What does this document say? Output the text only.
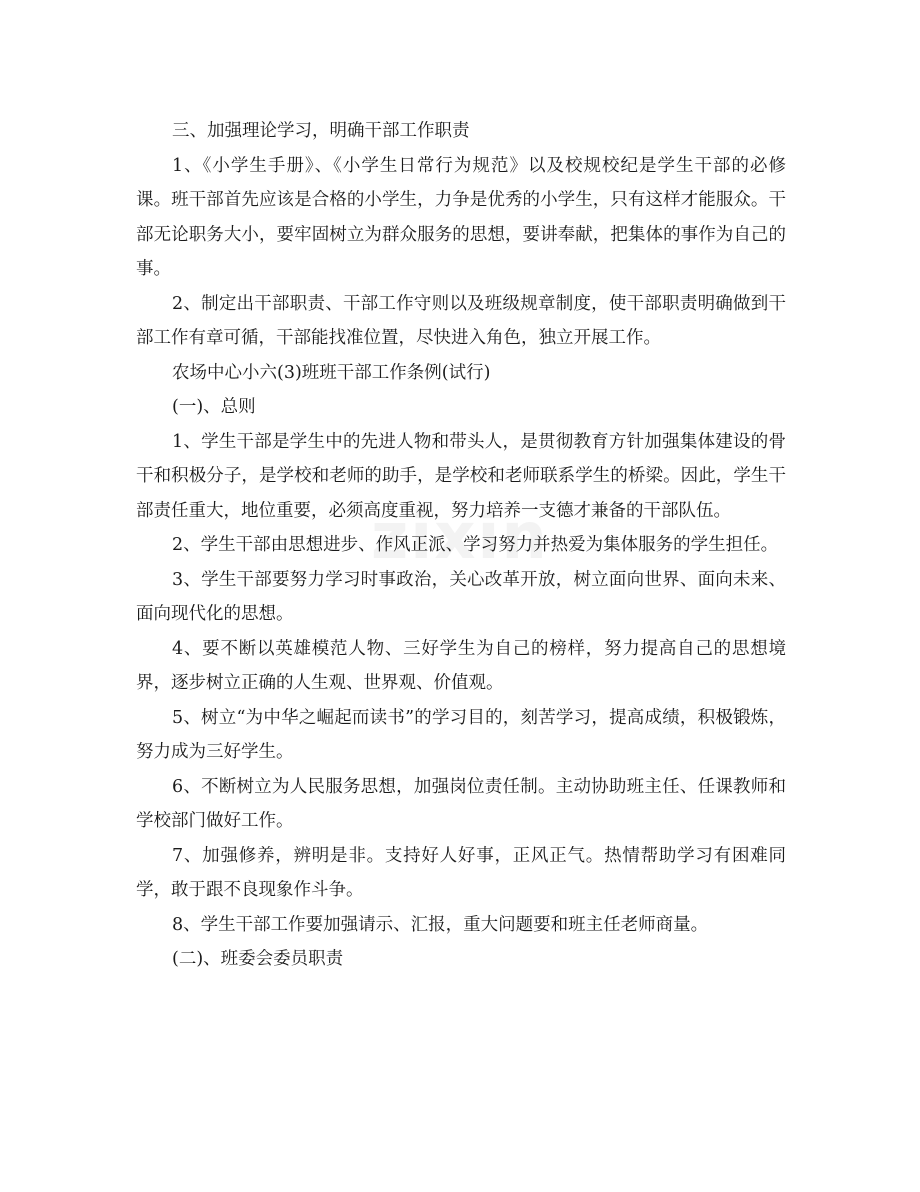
zixin

三、加强理论学习，明确干部工作职责

1、《小学生手册》、《小学生日常行为规范》以及校规校纪是学生干部的必修课。班干部首先应该是合格的小学生，力争是优秀的小学生，只有这样才能服众。干部无论职务大小，要牢固树立为群众服务的思想，要讲奉献，把集体的事作为自己的事。

2、制定出干部职责、干部工作守则以及班级规章制度，使干部职责明确做到干部工作有章可循，干部能找准位置，尽快进入角色，独立开展工作。

农场中心小六(3)班班干部工作条例(试行)

(一)、总则

1、学生干部是学生中的先进人物和带头人，是贯彻教育方针加强集体建设的骨干和积极分子，是学校和老师的助手，是学校和老师联系学生的桥梁。因此，学生干部责任重大，地位重要，必须高度重视，努力培养一支德才兼备的干部队伍。

2、学生干部由思想进步、作风正派、学习努力并热爱为集体服务的学生担任。

3、学生干部要努力学习时事政治，关心改革开放，树立面向世界、面向未来、面向现代化的思想。

4、要不断以英雄模范人物、三好学生为自己的榜样，努力提高自己的思想境界，逐步树立正确的人生观、世界观、价值观。

5、树立“为中华之崛起而读书”的学习目的，刻苦学习，提高成绩，积极锻炼，努力成为三好学生。

6、不断树立为人民服务思想，加强岗位责任制。主动协助班主任、任课教师和学校部门做好工作。

7、加强修养，辨明是非。支持好人好事，正风正气。热情帮助学习有困难同学，敢于跟不良现象作斗争。

8、学生干部工作要加强请示、汇报，重大问题要和班主任老师商量。

(二)、班委会委员职责
